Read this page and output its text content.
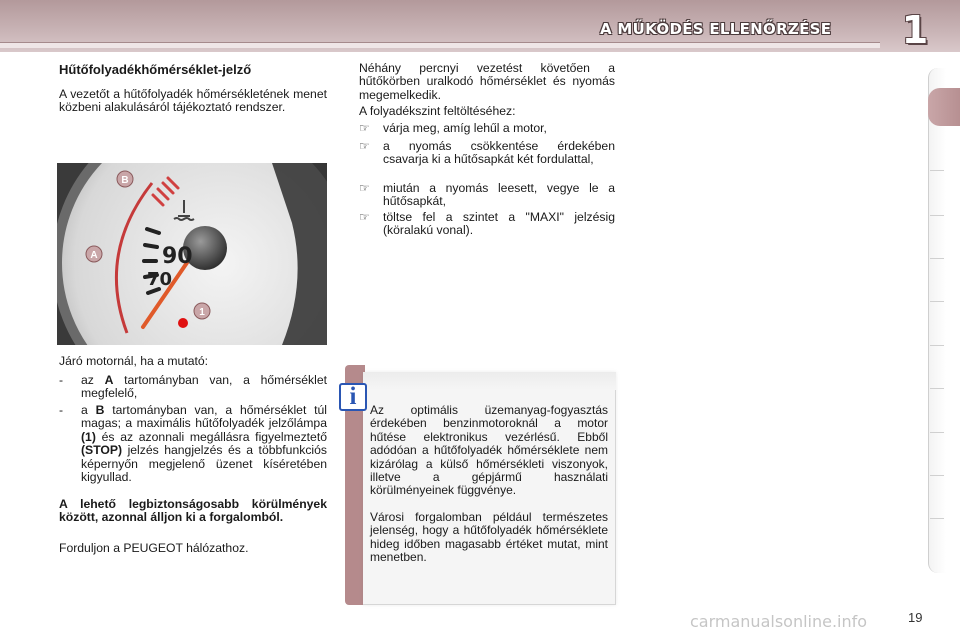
A MŰKÖDÉS ELLENŐRZÉSE	1
Hűtőfolyadékhőmérséklet-jelző
A vezetőt a hűtőfolyadék hőmérsékletének menet közbeni alakulásáról tájékoztató rendszer.
90
70
B
A
1
Járó motornál, ha a mutató:
- az A tartományban van, a hőmérséklet megfelelő,
- a B tartományban van, a hőmérséklet túl magas; a maximális hűtőfolyadék jelzőlámpa (1) és az azonnali megállásra figyelmeztető (STOP) jelzés hangjelzés és a többfunkciós képernyőn megjelenő üzenet kíséretében kigyullad.
A lehető legbiztonságosabb körülmények között, azonnal álljon ki a forgalomból.
Forduljon a PEUGEOT hálózathoz.
Néhány percnyi vezetést követően a hűtőkörben uralkodó hőmérséklet és nyomás megemelkedik.
A folyadékszint feltöltéséhez:
☞	várja meg, amíg lehűl a motor,
☞	a nyomás csökkentése érdekében csavarja ki a hűtősapkát két fordulattal,
☞	miután a nyomás leesett, vegye le a hűtősapkát,
☞	töltse fel a szintet a "MAXI" jelzésig (köralakú vonal).
i	Az optimális üzemanyag-fogyasztás érdekében benzinmotoroknál a motor hűtése elektronikus vezérlésű. Ebből adódóan a hűtőfolyadék hőmérséklete nem kizárólag a külső hőmérsékleti viszonyok, illetve a gépjármű használati körülményeinek függvénye.
Városi forgalomban például természetes jelenség, hogy a hűtőfolyadék hőmérséklete hideg időben magasabb értéket mutat, mint menetben.
carmanualsonline.info	19
